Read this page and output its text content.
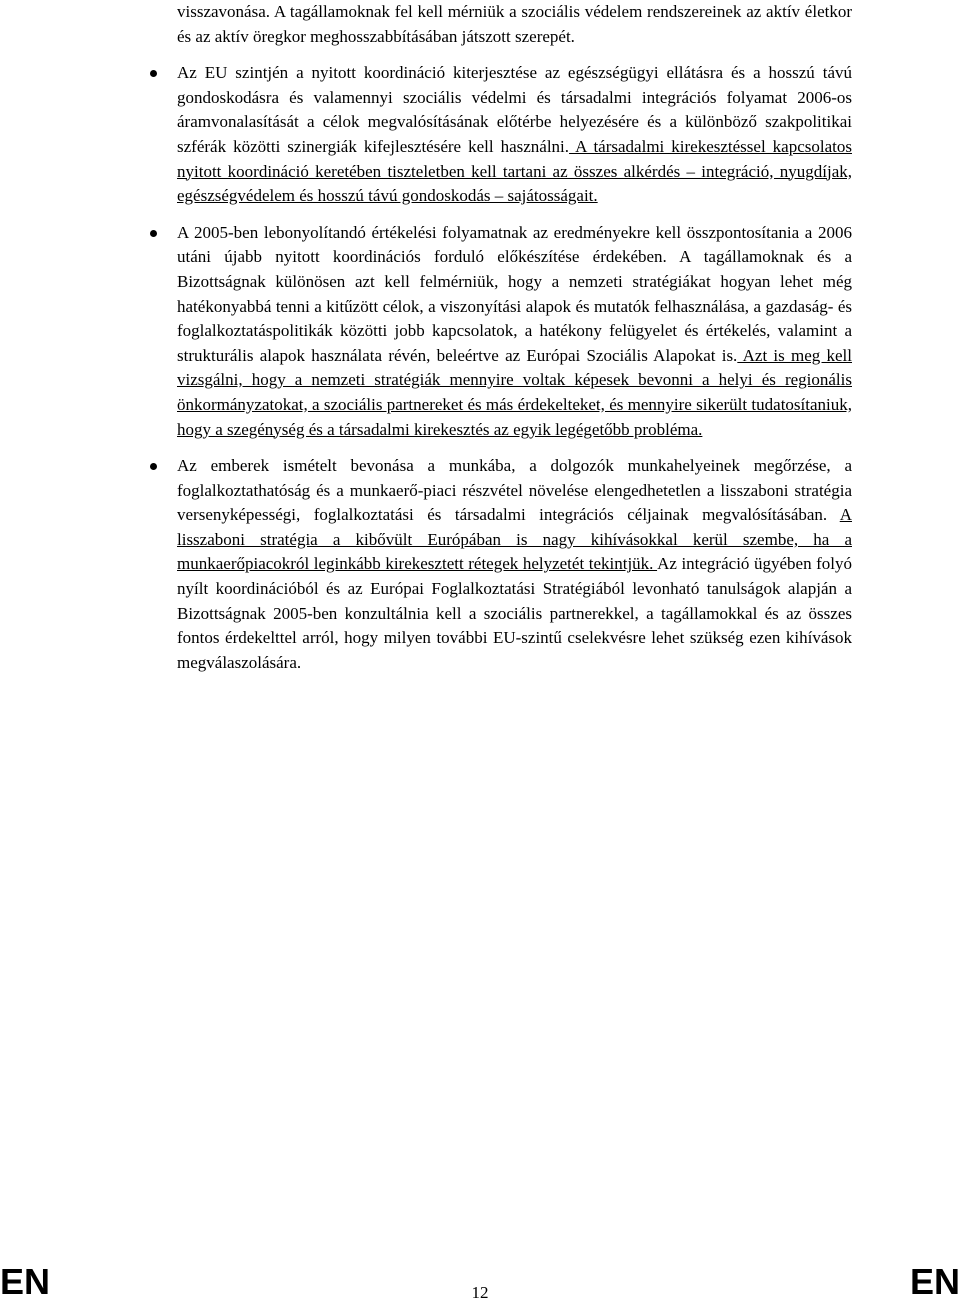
visszavonása. A tagállamoknak fel kell mérniük a szociális védelem rendszereinek az aktív életkor és az aktív öregkor meghosszabbításában játszott szerepét.

Az EU szintjén a nyitott koordináció kiterjesztése az egészségügyi ellátásra és a hosszú távú gondoskodásra és valamennyi szociális védelmi és társadalmi integrációs folyamat 2006-os áramvonalasítását a célok megvalósításának előtérbe helyezésére és a különböző szakpolitikai szférák közötti szinergiák kifejlesztésére kell használni. A társadalmi kirekesztéssel kapcsolatos nyitott koordináció keretében tiszteletben kell tartani az összes alkérdés – integráció, nyugdíjak, egészségvédelem és hosszú távú gondoskodás – sajátosságait.

A 2005-ben lebonyolítandó értékelési folyamatnak az eredményekre kell összpontosítania a 2006 utáni újabb nyitott koordinációs forduló előkészítése érdekében. A tagállamoknak és a Bizottságnak különösen azt kell felmérniük, hogy a nemzeti stratégiákat hogyan lehet még hatékonyabbá tenni a kitűzött célok, a viszonyítási alapok és mutatók felhasználása, a gazdaság- és foglalkoztatáspolitikák közötti jobb kapcsolatok, a hatékony felügyelet és értékelés, valamint a strukturális alapok használata révén, beleértve az Európai Szociális Alapokat is. Azt is meg kell vizsgálni, hogy a nemzeti stratégiák mennyire voltak képesek bevonni a helyi és regionális önkormányzatokat, a szociális partnereket és más érdekelteket, és mennyire sikerült tudatosítaniuk, hogy a szegénység és a társadalmi kirekesztés az egyik legégetőbb probléma.

Az emberek ismételt bevonása a munkába, a dolgozók munkahelyeinek megőrzése, a foglalkoztathatóság és a munkaerő-piaci részvétel növelése elengedhetetlen a lisszaboni stratégia versenyképességi, foglalkoztatási és társadalmi integrációs céljainak megvalósításában. A lisszaboni stratégia a kibővült Európában is nagy kihívásokkal kerül szembe, ha a munkaerőpiacokról leginkább kirekesztett rétegek helyzetét tekintjük. Az integráció ügyében folyó nyílt koordinációból és az Európai Foglalkoztatási Stratégiából levonható tanulságok alapján a Bizottságnak 2005-ben konzultálnia kell a szociális partnerekkel, a tagállamokkal és az összes fontos érdekelttel arról, hogy milyen további EU-szintű cselekvésre lehet szükség ezen kihívások megválaszolására.

EN	12	EN
